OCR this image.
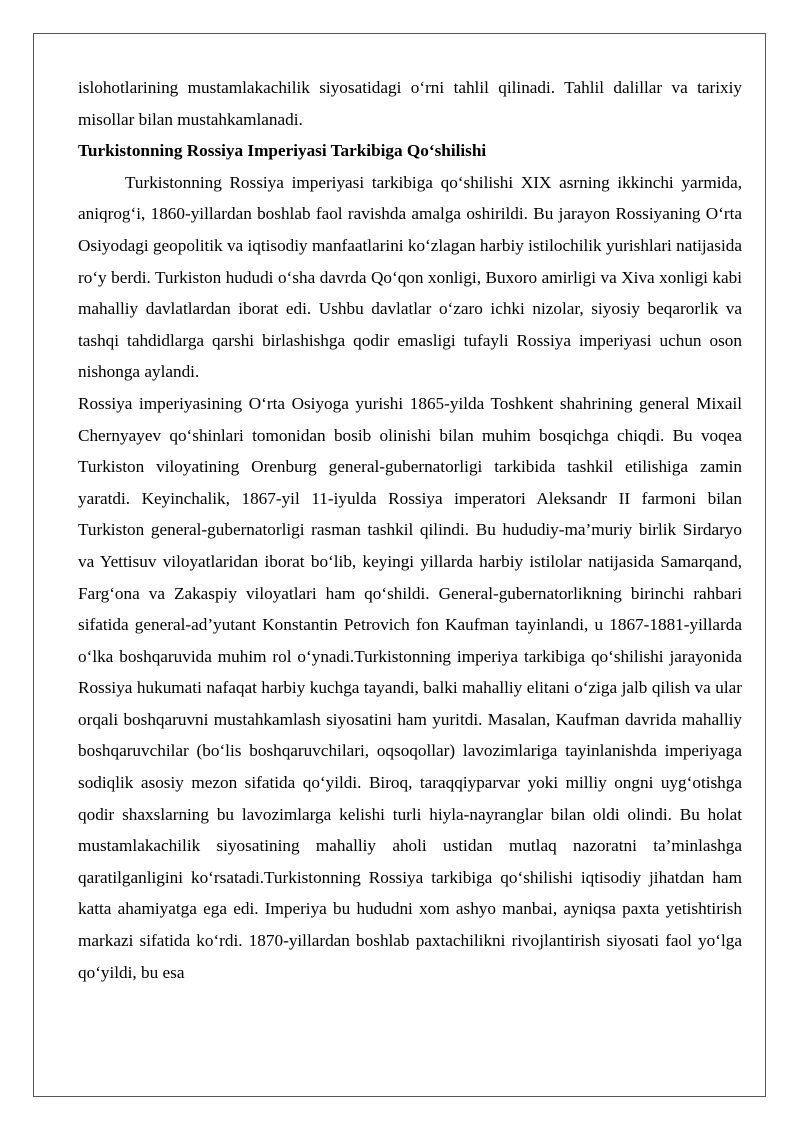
islohotlarining mustamlakachilik siyosatidagi o‘rni tahlil qilinadi. Tahlil dalillar va tarixiy misollar bilan mustahkamlanadi.

Turkistonning Rossiya Imperiyasi Tarkibiga Qo‘shilishi

Turkistonning Rossiya imperiyasi tarkibiga qo‘shilishi XIX asrning ikkinchi yarmida, aniqrog‘i, 1860-yillardan boshlab faol ravishda amalga oshirildi. Bu jarayon Rossiyaning O‘rta Osiyodagi geopolitik va iqtisodiy manfaatlarini ko‘zlagan harbiy istilochilik yurishlari natijasida ro‘y berdi. Turkiston hududi o‘sha davrda Qo‘qon xonligi, Buxoro amirligi va Xiva xonligi kabi mahalliy davlatlardan iborat edi. Ushbu davlatlar o‘zaro ichki nizolar, siyosiy beqarorlik va tashqi tahdidlarga qarshi birlashishga qodir emasligi tufayli Rossiya imperiyasi uchun oson nishonga aylandi.

Rossiya imperiyasining O‘rta Osiyoga yurishi 1865-yilda Toshkent shahrining general Mixail Chernyayev qo‘shinlari tomonidan bosib olinishi bilan muhim bosqichga chiqdi. Bu voqea Turkiston viloyatining Orenburg general-gubernatorligi tarkibida tashkil etilishiga zamin yaratdi. Keyinchalik, 1867-yil 11-iyulda Rossiya imperatori Aleksandr II farmoni bilan Turkiston general-gubernatorligi rasman tashkil qilindi. Bu hududiy-ma’muriy birlik Sirdaryo va Yettisuv viloyatlaridan iborat bo‘lib, keyingi yillarda harbiy istilolar natijasida Samarqand, Farg‘ona va Zakaspiy viloyatlari ham qo‘shildi. General-gubernatorlikning birinchi rahbari sifatida general-ad’yutant Konstantin Petrovich fon Kaufman tayinlandi, u 1867-1881-yillarda o‘lka boshqaruvida muhim rol o‘ynadi.Turkistonning imperiya tarkibiga qo‘shilishi jarayonida Rossiya hukumati nafaqat harbiy kuchga tayandi, balki mahalliy elitani o‘ziga jalb qilish va ular orqali boshqaruvni mustahkamlash siyosatini ham yuritdi. Masalan, Kaufman davrida mahalliy boshqaruvchilar (bo‘lis boshqaruvchilari, oqsoqollar) lavozimlariga tayinlanishda imperiyaga sodiqlik asosiy mezon sifatida qo‘yildi. Biroq, taraqqiyparvar yoki milliy ongni uyg‘otishga qodir shaxslarning bu lavozimlarga kelishi turli hiyla-nayranglar bilan oldi olindi. Bu holat mustamlakachilik siyosatining mahalliy aholi ustidan mutlaq nazoratni ta’minlashga qaratilganligini ko‘rsatadi.Turkistonning Rossiya tarkibiga qo‘shilishi iqtisodiy jihatdan ham katta ahamiyatga ega edi. Imperiya bu hududni xom ashyo manbai, ayniqsa paxta yetishtirish markazi sifatida ko‘rdi. 1870-yillardan boshlab paxtachilikni rivojlantirish siyosati faol yo‘lga qo‘yildi, bu esa
